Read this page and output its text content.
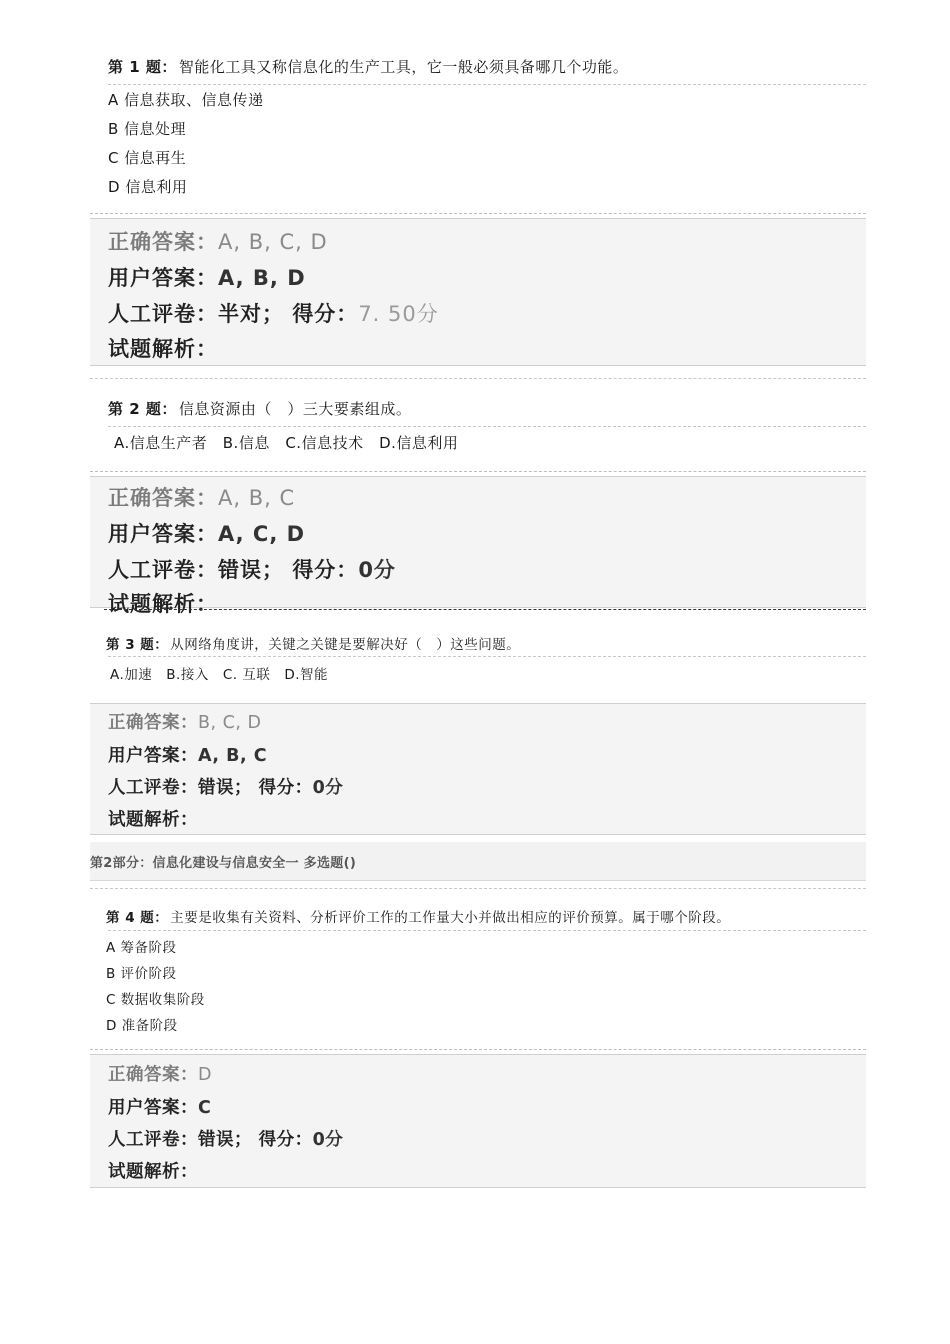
第 1 题： 智能化工具又称信息化的生产工具，它一般必须具备哪几个功能。
A 信息获取、信息传递
B 信息处理
C 信息再生
D 信息利用
正确答案：A, B, C, D
用户答案：A, B, D
人工评卷：半对； 得分：7. 50分
试题解析：
第 2 题： 信息资源由（　）三大要素组成。
A.信息生产者　B.信息　C.信息技术　D.信息利用
正确答案：A, B, C
用户答案：A, C, D
人工评卷：错误； 得分：0分
试题解析：
第 3 题： 从网络角度讲，关键之关键是要解决好（　）这些问题。
A.加速　B.接入　C. 互联　D.智能
正确答案：B, C, D
用户答案：A, B, C
人工评卷：错误； 得分：0分
试题解析：
第2部分：信息化建设与信息安全一 多选题()
第 4 题： 主要是收集有关资料、分析评价工作的工作量大小并做出相应的评价预算。属于哪个阶段。
A 筹备阶段
B 评价阶段
C 数据收集阶段
D 准备阶段
正确答案：D
用户答案：C
人工评卷：错误； 得分：0分
试题解析：
